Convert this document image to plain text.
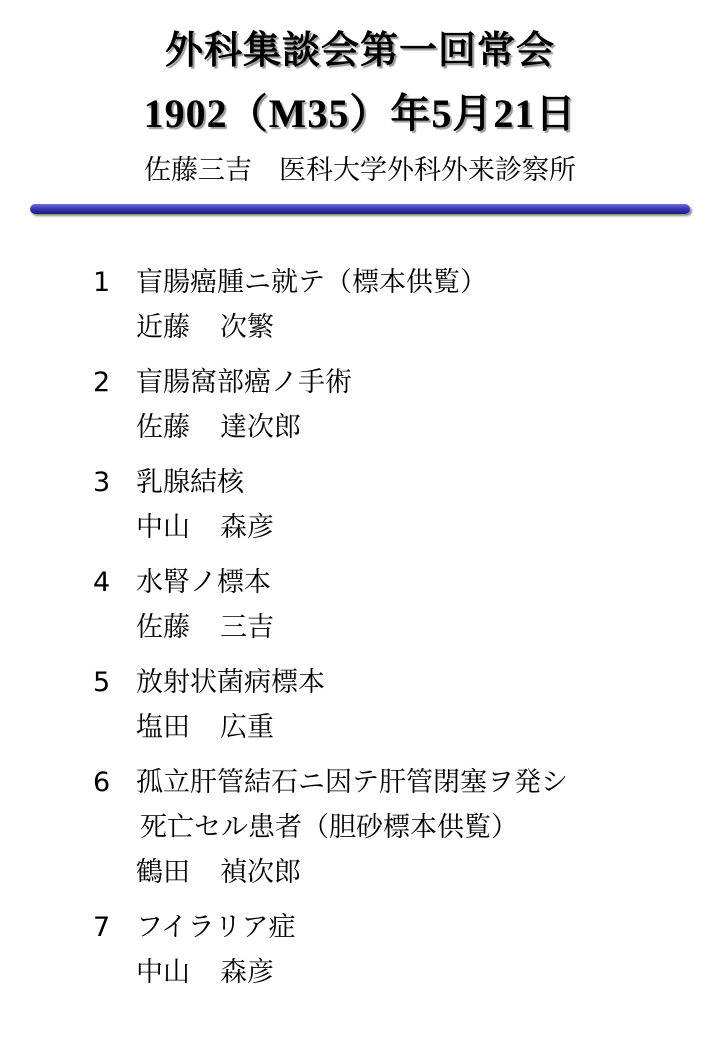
外科集談会第一回常会
1902（M35）年5月21日
佐藤三吉　医科大学外科外来診察所
1 盲腸癌腫ニ就テ（標本供覧）
近藤 次繁
2 盲腸窩部癌ノ手術
佐藤 達次郎
3 乳腺結核
中山 森彦
4 水腎ノ標本
佐藤 三吉
5 放射状菌病標本
塩田 広重
6 孤立肝管結石ニ因テ肝管閉塞ヲ発シ
死亡セル患者（胆砂標本供覧）
鶴田 禎次郎
7 フイラリア症
中山 森彦
